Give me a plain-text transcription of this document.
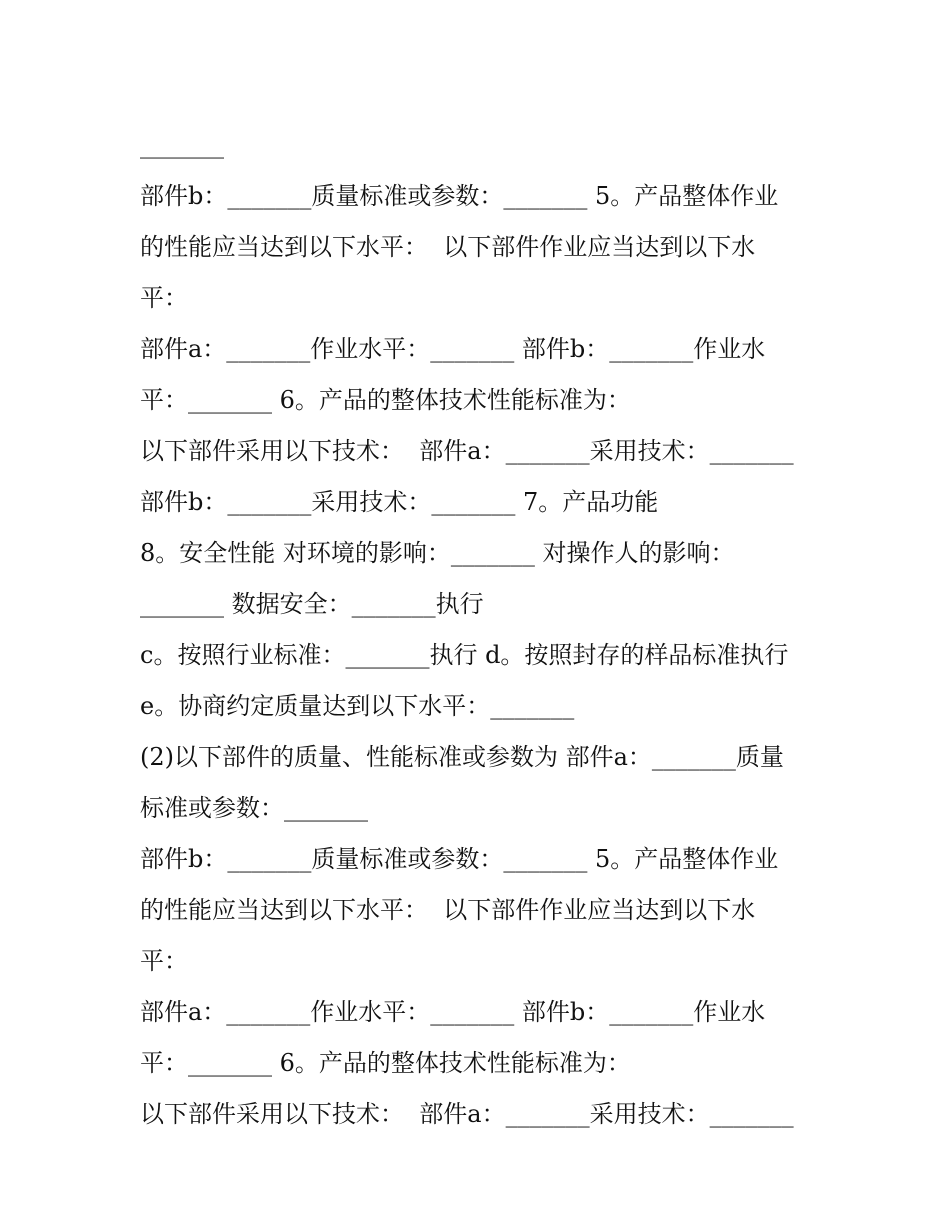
_______
部件b：_______质量标准或参数：_______ 5。产品整体作业
的性能应当达到以下水平：  以下部件作业应当达到以下水
平：
部件a：_______作业水平：_______ 部件b：_______作业水
平：_______ 6。产品的整体技术性能标准为：
以下部件采用以下技术：  部件a：_______采用技术：_______
部件b：_______采用技术：_______ 7。产品功能
8。安全性能 对环境的影响：_______ 对操作人的影响：
_______ 数据安全：_______执行
c。按照行业标准：_______执行 d。按照封存的样品标准执行
e。协商约定质量达到以下水平：_______
(2)以下部件的质量、性能标准或参数为 部件a：_______质量
标准或参数：_______
部件b：_______质量标准或参数：_______ 5。产品整体作业
的性能应当达到以下水平：  以下部件作业应当达到以下水
平：
部件a：_______作业水平：_______ 部件b：_______作业水
平：_______ 6。产品的整体技术性能标准为：
以下部件采用以下技术：  部件a：_______采用技术：_______
